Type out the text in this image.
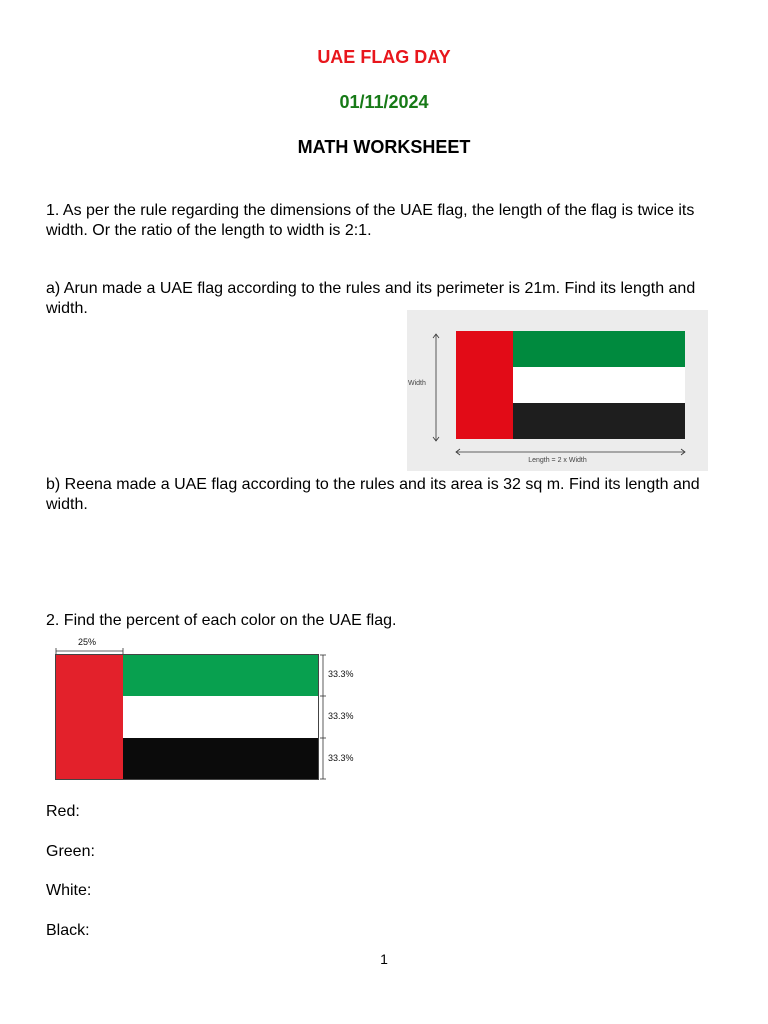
UAE FLAG DAY
01/11/2024
MATH WORKSHEET
1. As per the rule regarding the dimensions of the UAE flag, the length of the flag is twice its width. Or the ratio of the length to width is 2:1.
a) Arun made a UAE flag according to the rules and its perimeter is 21m. Find its length and width.
Width
Length = 2 x Width
b) Reena made a UAE flag according to the rules and its area is 32 sq m. Find its length and width.
2. Find the percent of each color on the UAE flag.
25%
33.3%
33.3%
33.3%
Red:
Green:
White:
Black:
1
